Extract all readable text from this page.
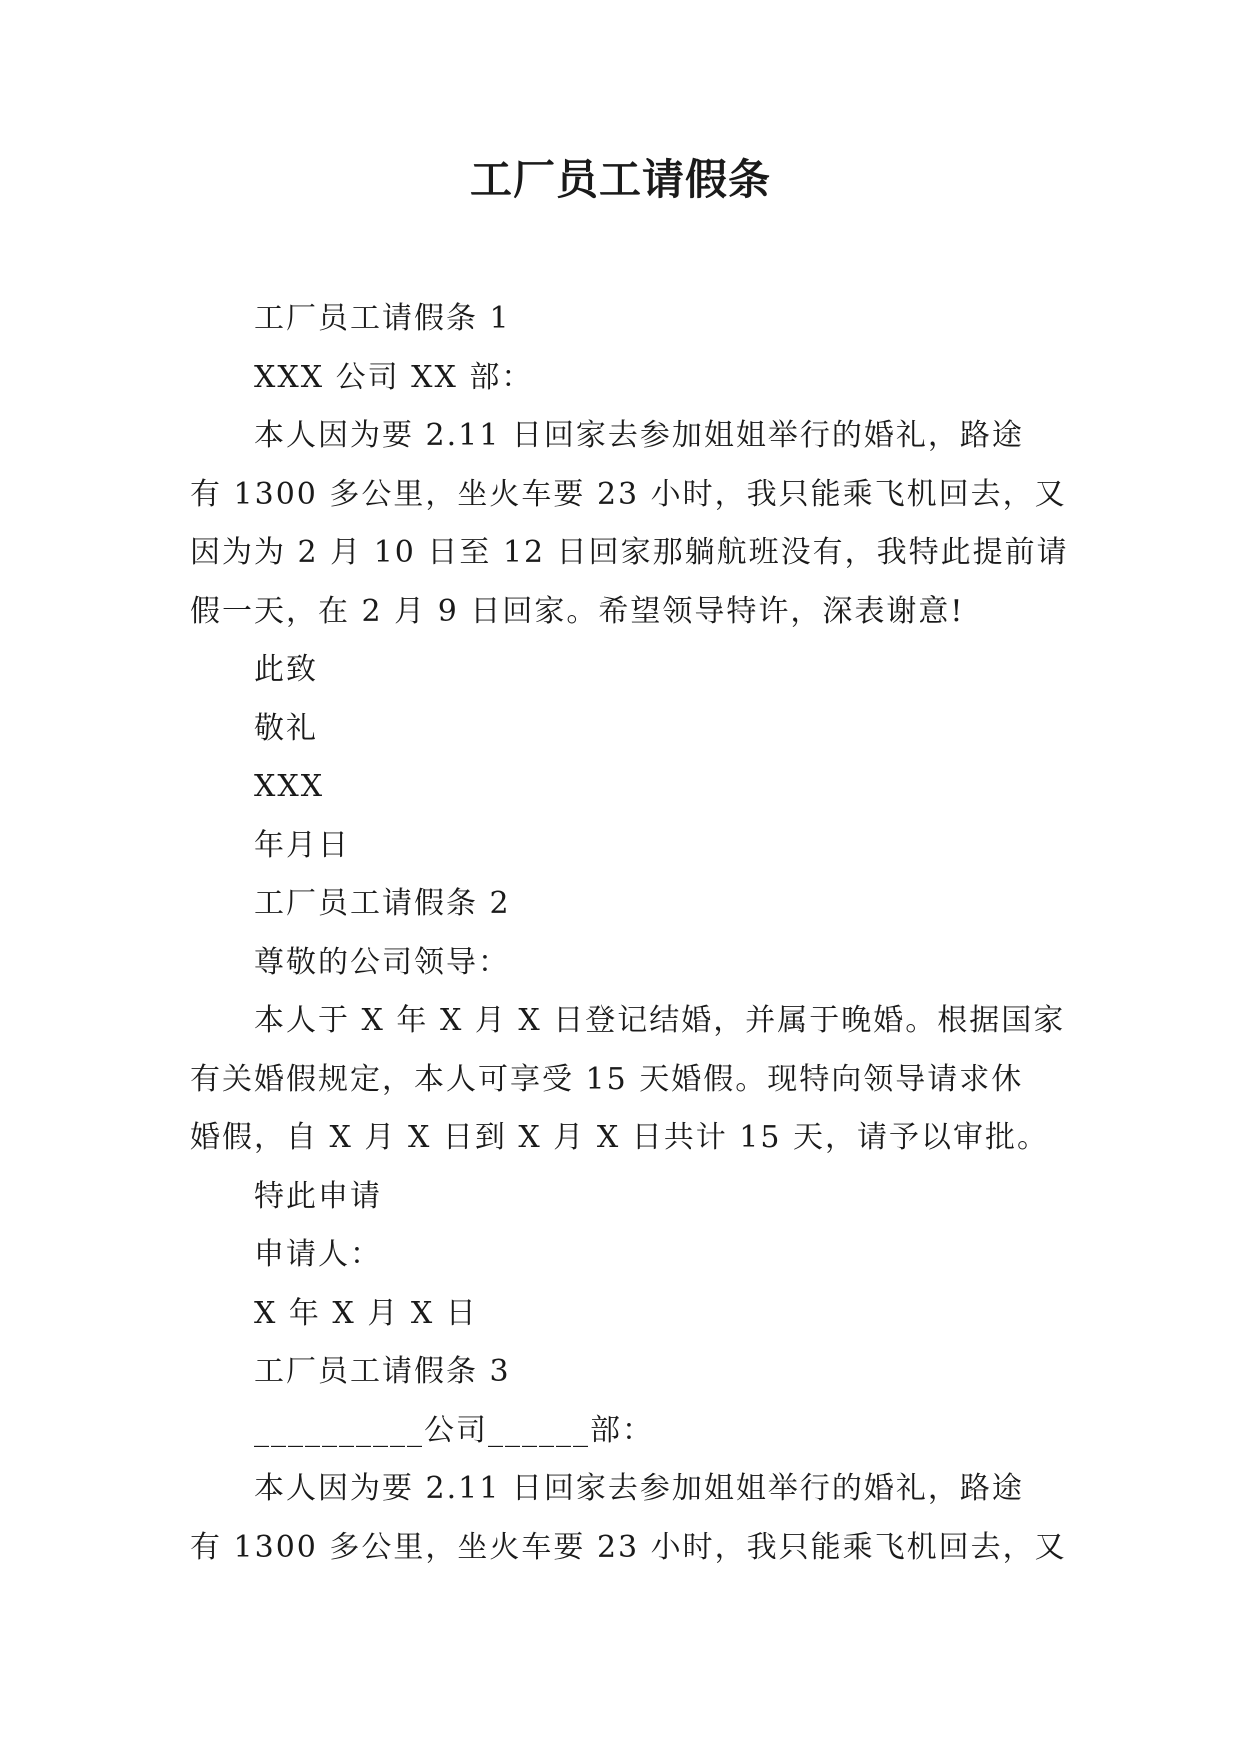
工厂员工请假条
工厂员工请假条 1
XXX 公司 XX 部：
本人因为要 2.11 日回家去参加姐姐举行的婚礼，路途
有 1300 多公里，坐火车要 23 小时，我只能乘飞机回去，又
因为为 2 月 10 日至 12 日回家那躺航班没有，我特此提前请
假一天，在 2 月 9 日回家。希望领导特许，深表谢意!
此致
敬礼
XXX
年月日
工厂员工请假条 2
尊敬的公司领导：
本人于 X 年 X 月 X 日登记结婚，并属于晚婚。根据国家
有关婚假规定，本人可享受 15 天婚假。现特向领导请求休
婚假，自 X 月 X 日到 X 月 X 日共计 15 天，请予以审批。
特此申请
申请人：
X 年 X 月 X 日
工厂员工请假条 3
__________公司______部：
本人因为要 2.11 日回家去参加姐姐举行的婚礼，路途
有 1300 多公里，坐火车要 23 小时，我只能乘飞机回去，又
